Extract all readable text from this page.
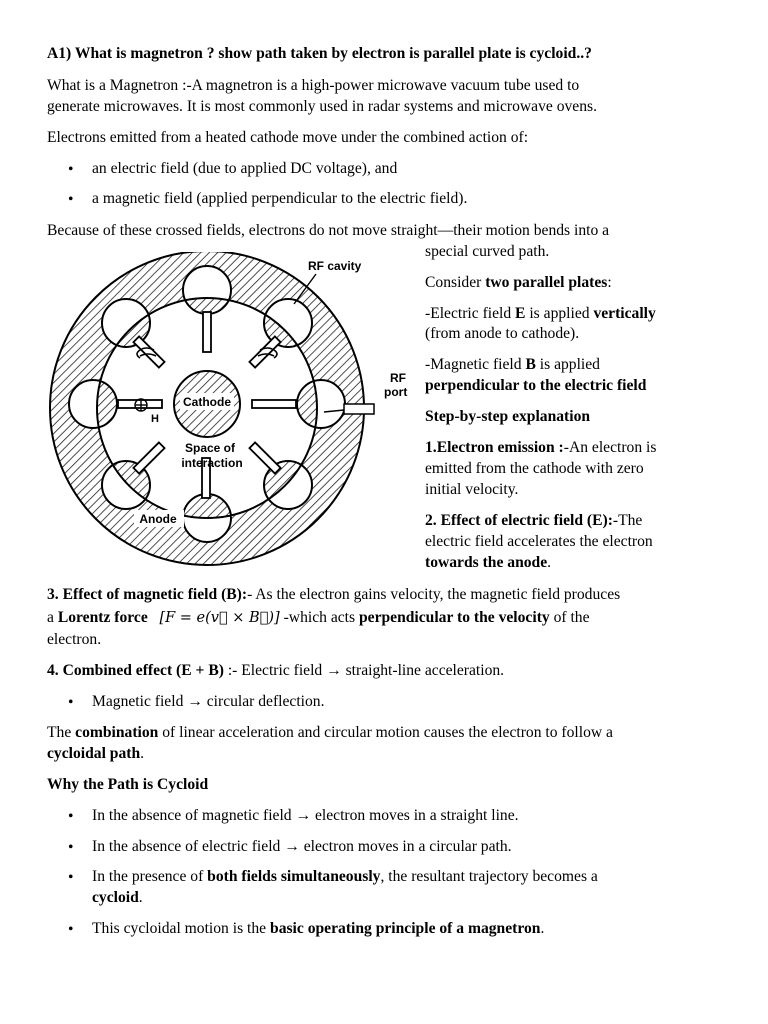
A1) What is magnetron ? show path taken by electron is parallel plate is cycloid..?
What is a Magnetron :-A magnetron is a high-power microwave vacuum tube used to
generate microwaves. It is most commonly used in radar systems and microwave ovens.
Electrons emitted from a heated cathode move under the combined action of:
• an electric field (due to applied DC voltage), and
• a magnetic field (applied perpendicular to the electric field).
Because of these crossed fields, electrons do not move straight—their motion bends into a
special curved path.
Consider two parallel plates:
-Electric field E is applied vertically
(from anode to cathode).
-Magnetic field B is applied
perpendicular to the electric field
Step-by-step explanation
1.Electron emission :-An electron is
emitted from the cathode with zero
initial velocity.
2. Effect of electric field (E):-The
electric field accelerates the electron
towards the anode.
3. Effect of magnetic field (B):- As the electron gains velocity, the magnetic field produces
a Lorentz force [F = e(v⃗ × B⃗)] -which acts perpendicular to the velocity of the
electron.
4. Combined effect (E + B) :- Electric field → straight-line acceleration.
• Magnetic field → circular deflection.
The combination of linear acceleration and circular motion causes the electron to follow a
cycloidal path.
Why the Path is Cycloid
• In the absence of magnetic field → electron moves in a straight line.
• In the absence of electric field → electron moves in a circular path.
• In the presence of both fields simultaneously, the resultant trajectory becomes a
cycloid.
• This cycloidal motion is the basic operating principle of a magnetron.
Cathode
H
Space of
interaction
Anode
RF cavity
RF
port
